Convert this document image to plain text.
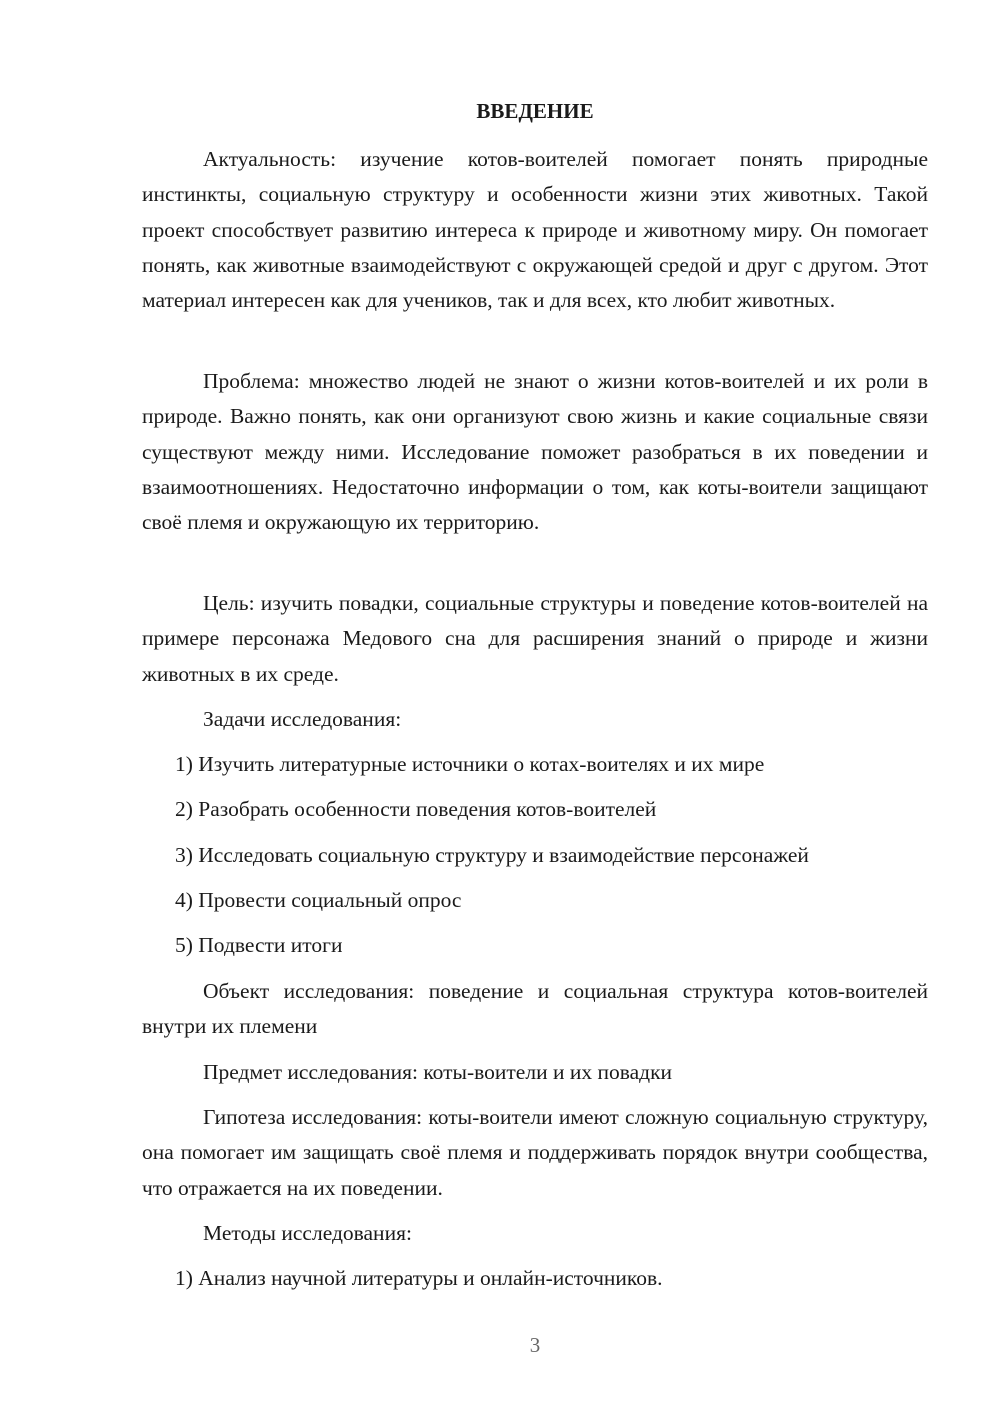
ВВЕДЕНИЕ

Актуальность: изучение котов-воителей помогает понять природные инстинкты, социальную структуру и особенности жизни этих животных. Такой проект способствует развитию интереса к природе и животному миру. Он помогает понять, как животные взаимодействуют с окружающей средой и друг с другом. Этот материал интересен как для учеников, так и для всех, кто любит животных.

Проблема: множество людей не знают о жизни котов-воителей и их роли в природе. Важно понять, как они организуют свою жизнь и какие социальные связи существуют между ними. Исследование поможет разобраться в их поведении и взаимоотношениях. Недостаточно информации о том, как коты-воители защищают своё племя и окружающую их территорию.

Цель: изучить повадки, социальные структуры и поведение котов-воителей на примере персонажа Медового сна для расширения знаний о природе и жизни животных в их среде.

Задачи исследования:

1) Изучить литературные источники о котах-воителях и их мире

2) Разобрать особенности поведения котов-воителей

3) Исследовать социальную структуру и взаимодействие персонажей

4) Провести социальный опрос

5) Подвести итоги

Объект исследования: поведение и социальная структура котов-воителей внутри их племени

Предмет исследования: коты-воители и их повадки

Гипотеза исследования: коты-воители имеют сложную социальную структуру, она помогает им защищать своё племя и поддерживать порядок внутри сообщества, что отражается на их поведении.

Методы исследования:

1) Анализ научной литературы и онлайн-источников.

3
